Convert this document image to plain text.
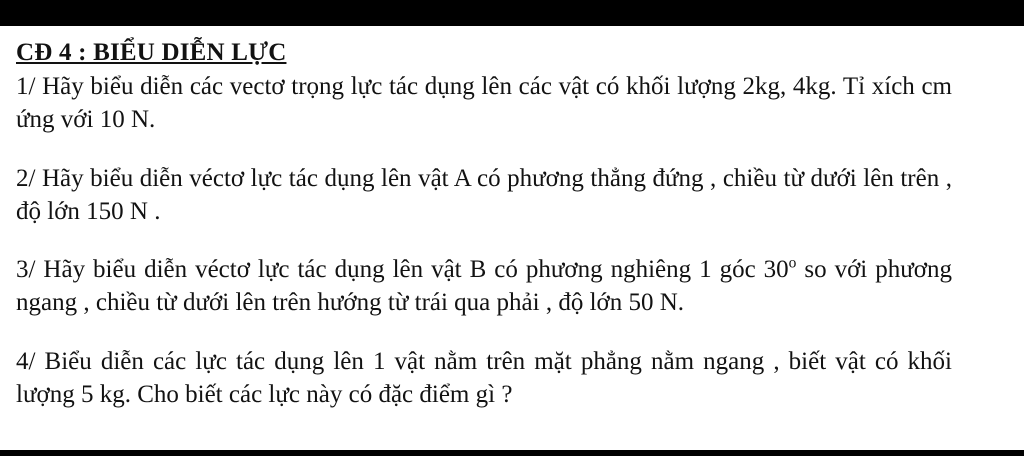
CĐ 4 : BIỂU DIỄN LỰC

1/ Hãy biểu diễn các vectơ trọng lực tác dụng lên các vật có khối lượng 2kg, 4kg. Tỉ xích cm ứng với 10 N.

2/ Hãy biểu diễn véctơ lực tác dụng lên vật A có phương thẳng đứng , chiều từ dưới lên trên , độ lớn 150 N .

3/ Hãy biểu diễn véctơ lực tác dụng lên vật B có phương nghiêng 1 góc 30$^o$ so với phương ngang , chiều từ dưới lên trên hướng từ trái qua phải , độ lớn 50 N.

4/ Biểu diễn các lực tác dụng lên 1 vật nằm trên mặt phẳng nằm ngang , biết vật có khối lượng 5 kg. Cho biết các lực này có đặc điểm gì ?
